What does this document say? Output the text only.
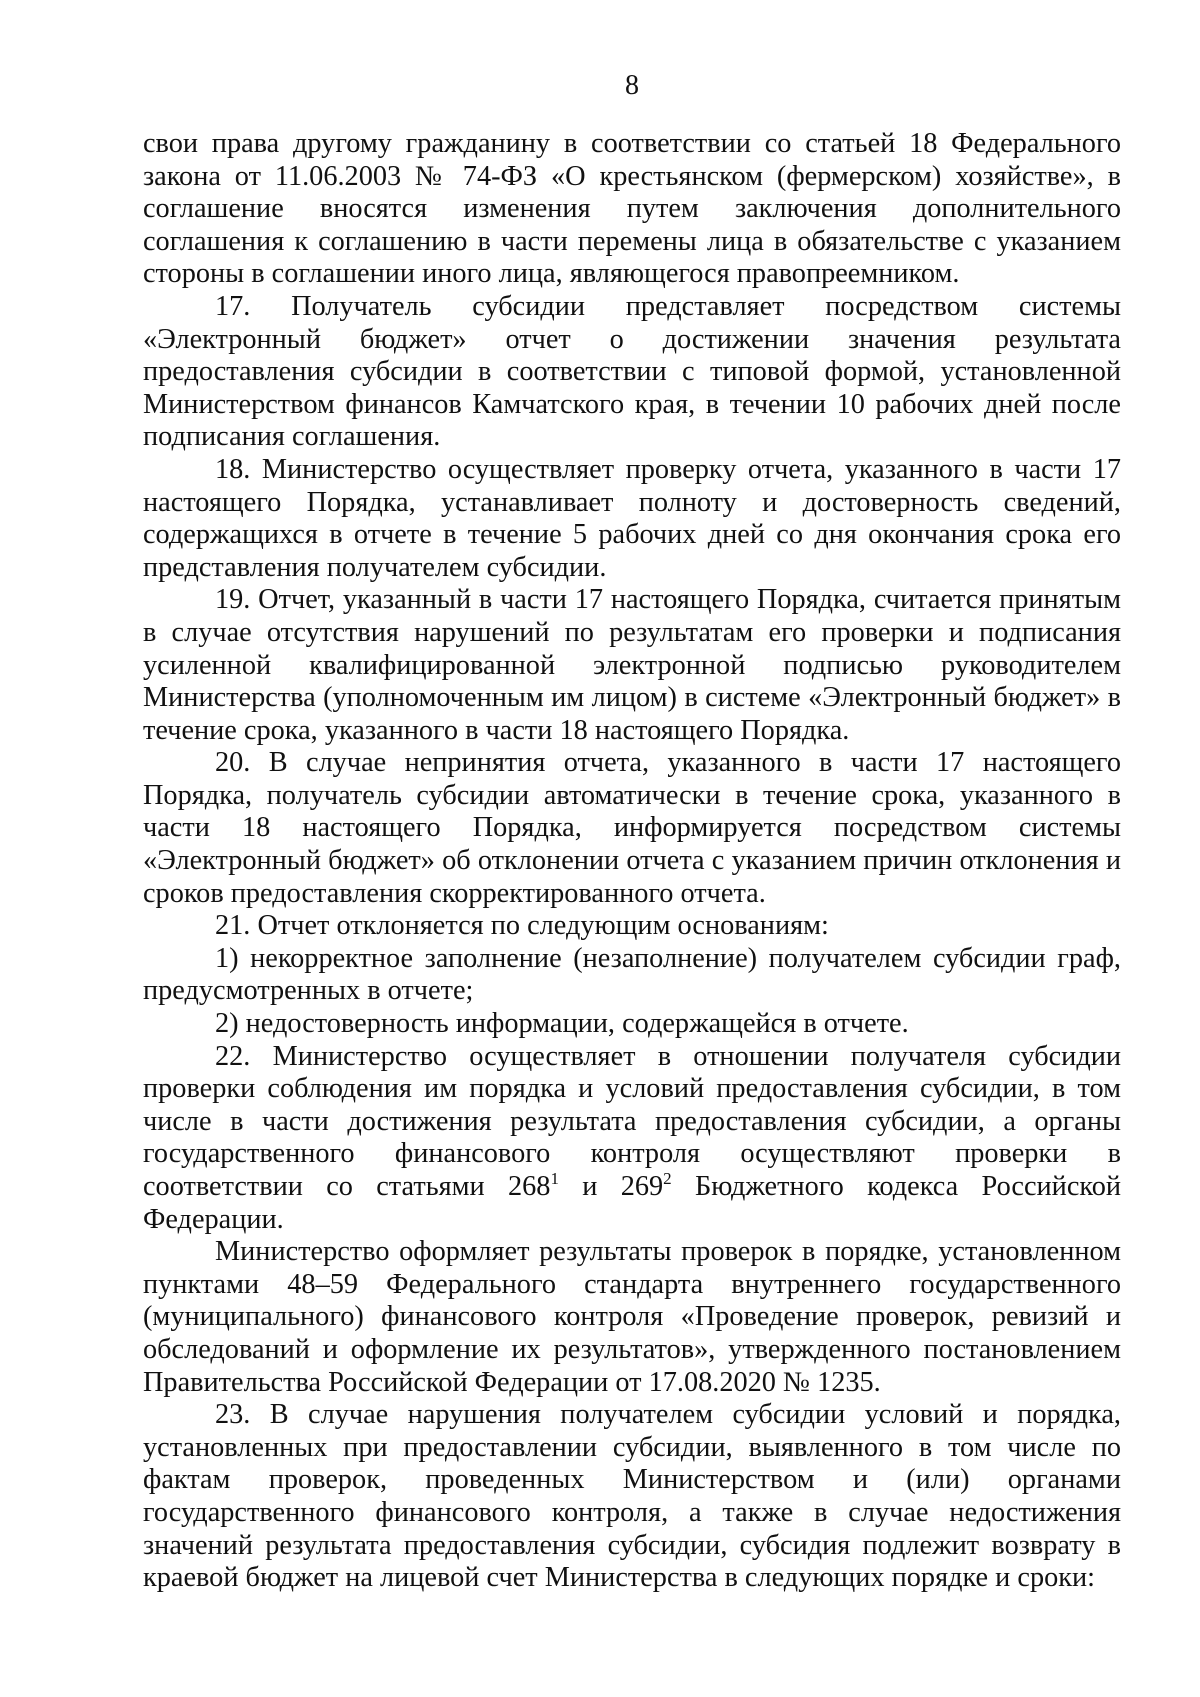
8

свои права другому гражданину в соответствии со статьей 18 Федерального закона от 11.06.2003 № 74-ФЗ «О крестьянском (фермерском) хозяйстве», в соглашение вносятся изменения путем заключения дополнительного соглашения к соглашению в части перемены лица в обязательстве с указанием стороны в соглашении иного лица, являющегося правопреемником.

17. Получатель субсидии представляет посредством системы «Электронный бюджет» отчет о достижении значения результата предоставления субсидии в соответствии с типовой формой, установленной Министерством финансов Камчатского края, в течении 10 рабочих дней после подписания соглашения.

18. Министерство осуществляет проверку отчета, указанного в части 17 настоящего Порядка, устанавливает полноту и достоверность сведений, содержащихся в отчете в течение 5 рабочих дней со дня окончания срока его представления получателем субсидии.

19. Отчет, указанный в части 17 настоящего Порядка, считается принятым в случае отсутствия нарушений по результатам его проверки и подписания усиленной квалифицированной электронной подписью руководителем Министерства (уполномоченным им лицом) в системе «Электронный бюджет» в течение срока, указанного в части 18 настоящего Порядка.

20. В случае непринятия отчета, указанного в части 17 настоящего Порядка, получатель субсидии автоматически в течение срока, указанного в части 18 настоящего Порядка, информируется посредством системы «Электронный бюджет» об отклонении отчета с указанием причин отклонения и сроков предоставления скорректированного отчета.

21. Отчет отклоняется по следующим основаниям:

1) некорректное заполнение (незаполнение) получателем субсидии граф, предусмотренных в отчете;

2) недостоверность информации, содержащейся в отчете.

22. Министерство осуществляет в отношении получателя субсидии проверки соблюдения им порядка и условий предоставления субсидии, в том числе в части достижения результата предоставления субсидии, а органы государственного финансового контроля осуществляют проверки в соответствии со статьями $268^1$ и $269^2$ Бюджетного кодекса Российской Федерации.

Министерство оформляет результаты проверок в порядке, установленном пунктами 48–59 Федерального стандарта внутреннего государственного (муниципального) финансового контроля «Проведение проверок, ревизий и обследований и оформление их результатов», утвержденного постановлением Правительства Российской Федерации от 17.08.2020 № 1235.

23. В случае нарушения получателем субсидии условий и порядка, установленных при предоставлении субсидии, выявленного в том числе по фактам проверок, проведенных Министерством и (или) органами государственного финансового контроля, а также в случае недостижения значений результата предоставления субсидии, субсидия подлежит возврату в краевой бюджет на лицевой счет Министерства в следующих порядке и сроки:
